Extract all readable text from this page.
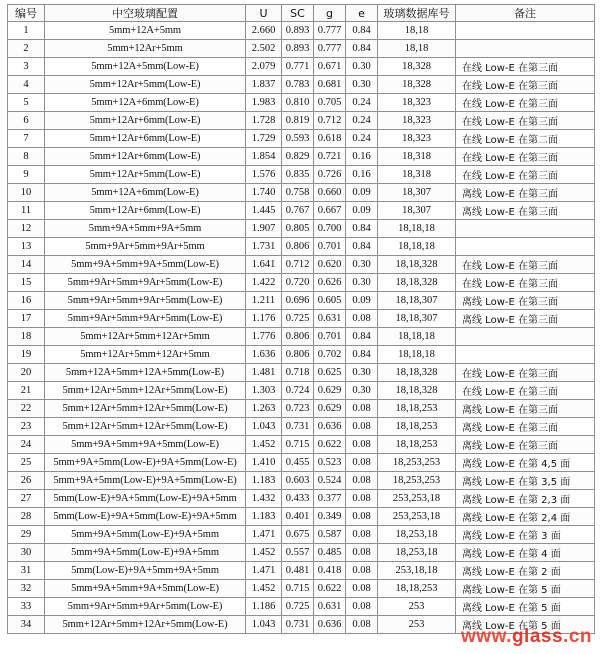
编号	中空玻璃配置	U	SC	g	e	玻璃数据库号	备注
1	5mm+12A+5mm	2.660	0.893	0.777	0.84	18,18	
2	5mm+12Ar+5mm	2.502	0.893	0.777	0.84	18,18	
3	5mm+12A+5mm(Low-E)	2.079	0.771	0.671	0.30	18,328	在线 Low-E 在第三面
4	5mm+12Ar+5mm(Low-E)	1.837	0.783	0.681	0.30	18,328	在线 Low-E 在第三面
5	5mm+12A+6mm(Low-E)	1.983	0.810	0.705	0.24	18,323	在线 Low-E 在第三面
6	5mm+12Ar+6mm(Low-E)	1.728	0.819	0.712	0.24	18,323	在线 Low-E 在第三面
7	5mm+12Ar+6mm(Low-E)	1.729	0.593	0.618	0.24	18,323	在线 Low-E 在第二面
8	5mm+12Ar+6mm(Low-E)	1.854	0.829	0.721	0.16	18,318	在线 Low-E 在第三面
9	5mm+12Ar+5mm(Low-E)	1.576	0.835	0.726	0.16	18,318	在线 Low-E 在第三面
10	5mm+12A+6mm(Low-E)	1.740	0.758	0.660	0.09	18,307	离线 Low-E 在第三面
11	5mm+12Ar+6mm(Low-E)	1.445	0.767	0.667	0.09	18,307	离线 Low-E 在第三面
12	5mm+9A+5mm+9A+5mm	1.907	0.805	0.700	0.84	18,18,18	
13	5mm+9Ar+5mm+9Ar+5mm	1.731	0.806	0.701	0.84	18,18,18	
14	5mm+9A+5mm+9A+5mm(Low-E)	1.641	0.712	0.620	0.30	18,18,328	在线 Low-E 在第三面
15	5mm+9Ar+5mm+9Ar+5mm(Low-E)	1.422	0.720	0.626	0.30	18,18,328	在线 Low-E 在第三面
16	5mm+9Ar+5mm+9Ar+5mm(Low-E)	1.211	0.696	0.605	0.09	18,18,307	离线 Low-E 在第三面
17	5mm+9Ar+5mm+9Ar+5mm(Low-E)	1.176	0.725	0.631	0.08	18,18,307	离线 Low-E 在第三面
18	5mm+12Ar+5mm+12Ar+5mm	1.776	0.806	0.701	0.84	18,18,18	
19	5mm+12Ar+5mm+12Ar+5mm	1.636	0.806	0.702	0.84	18,18,18	
20	5mm+12A+5mm+12A+5mm(Low-E)	1.481	0.718	0.625	0.30	18,18,328	在线 Low-E 在第三面
21	5mm+12Ar+5mm+12Ar+5mm(Low-E)	1.303	0.724	0.629	0.30	18,18,328	在线 Low-E 在第三面
22	5mm+12Ar+5mm+12Ar+5mm(Low-E)	1.263	0.723	0.629	0.08	18,18,253	离线 Low-E 在第三面
23	5mm+12Ar+5mm+12Ar+5mm(Low-E)	1.043	0.731	0.636	0.08	18,18,253	离线 Low-E 在第三面
24	5mm+9A+5mm+9A+5mm(Low-E)	1.452	0.715	0.622	0.08	18,18,253	离线 Low-E 在第三面
25	5mm+9A+5mm(Low-E)+9A+5mm(Low-E)	1.410	0.455	0.523	0.08	18,253,253	离线 Low-E 在第 4,5 面
26	5mm+9A+5mm(Low-E)+9A+5mm(Low-E)	1.183	0.603	0.524	0.08	18,253,253	离线 Low-E 在第 3,5 面
27	5mm(Low-E)+9A+5mm(Low-E)+9A+5mm	1.432	0.433	0.377	0.08	253,253,18	离线 Low-E 在第 2,3 面
28	5mm(Low-E)+9A+5mm(Low-E)+9A+5mm	1.183	0.401	0.349	0.08	253,253,18	离线 Low-E 在第 2,4 面
29	5mm+9A+5mm(Low-E)+9A+5mm	1.471	0.675	0.587	0.08	18,253,18	离线 Low-E 在第 3 面
30	5mm+9A+5mm(Low-E)+9A+5mm	1.452	0.557	0.485	0.08	18,253,18	离线 Low-E 在第 4 面
31	5mm(Low-E)+9A+5mm+9A+5mm	1.471	0.481	0.418	0.08	253,18,18	离线 Low-E 在第 2 面
32	5mm+9A+5mm+9A+5mm(Low-E)	1.452	0.715	0.622	0.08	18,18,253	离线 Low-E 在第 5 面
33	5mm+9Ar+5mm+9Ar+5mm(Low-E)	1.186	0.725	0.631	0.08	253	离线 Low-E 在第 5 面
34	5mm+12Ar+5mm+12Ar+5mm(Low-E)	1.043	0.731	0.636	0.08	253	离线 Low-E 在第 5 面
www.glass.cn
